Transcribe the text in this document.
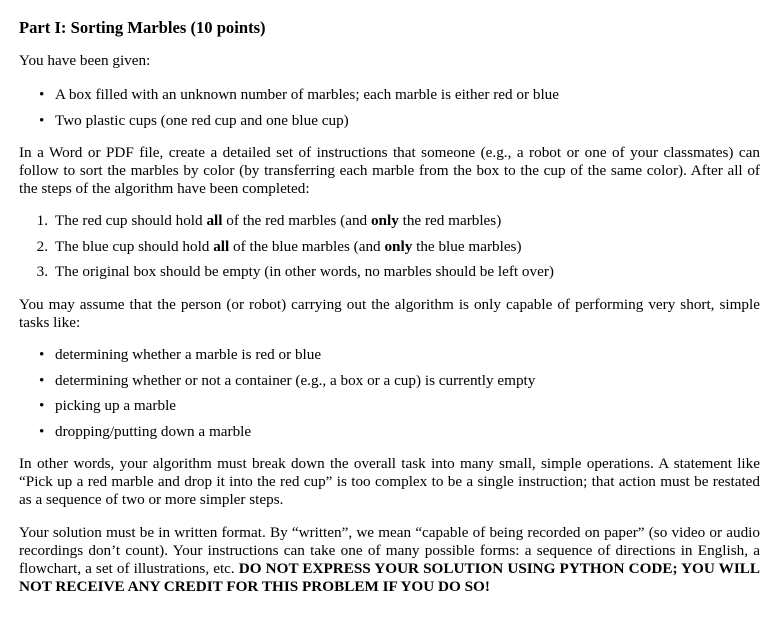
Part I: Sorting Marbles (10 points)

You have been given:

• A box filled with an unknown number of marbles; each marble is either red or blue
• Two plastic cups (one red cup and one blue cup)

In a Word or PDF file, create a detailed set of instructions that someone (e.g., a robot or one of your classmates) can follow to sort the marbles by color (by transferring each marble from the box to the cup of the same color). After all of the steps of the algorithm have been completed:

1. The red cup should hold all of the red marbles (and only the red marbles)
2. The blue cup should hold all of the blue marbles (and only the blue marbles)
3. The original box should be empty (in other words, no marbles should be left over)

You may assume that the person (or robot) carrying out the algorithm is only capable of performing very short, simple tasks like:

• determining whether a marble is red or blue
• determining whether or not a container (e.g., a box or a cup) is currently empty
• picking up a marble
• dropping/putting down a marble

In other words, your algorithm must break down the overall task into many small, simple operations. A statement like “Pick up a red marble and drop it into the red cup” is too complex to be a single instruction; that action must be restated as a sequence of two or more simpler steps.

Your solution must be in written format. By “written”, we mean “capable of being recorded on paper” (so video or audio recordings don’t count). Your instructions can take one of many possible forms: a sequence of directions in English, a flowchart, a set of illustrations, etc. DO NOT EXPRESS YOUR SOLUTION USING PYTHON CODE; YOU WILL NOT RECEIVE ANY CREDIT FOR THIS PROBLEM IF YOU DO SO!
